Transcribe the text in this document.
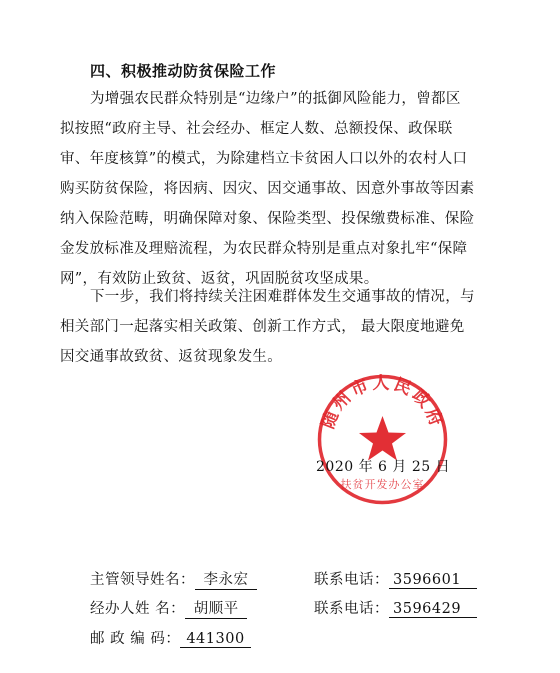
四、积极推动防贫保险工作
为增强农民群众特别是“边缘户”的抵御风险能力，曾都区
拟按照“政府主导、社会经办、框定人数、总额投保、政保联
审、年度核算”的模式，为除建档立卡贫困人口以外的农村人口
购买防贫保险，将因病、因灾、因交通事故、因意外事故等因素
纳入保险范畴，明确保障对象、保险类型、投保缴费标准、保险
金发放标准及理赔流程，为农民群众特别是重点对象扎牢“保障
网”，有效防止致贫、返贫，巩固脱贫攻坚成果。
下一步，我们将持续关注困难群体发生交通事故的情况，与
相关部门一起落实相关政策、创新工作方式， 最大限度地避免
因交通事故致贫、返贫现象发生。
随州市人民政府
扶贫开发办公室
2020 年 6 月 25 日
主管领导姓名： 李永宏	联系电话： 3596601
经办人姓 名： 胡顺平	联系电话： 3596429
邮 政 编 码： 441300
